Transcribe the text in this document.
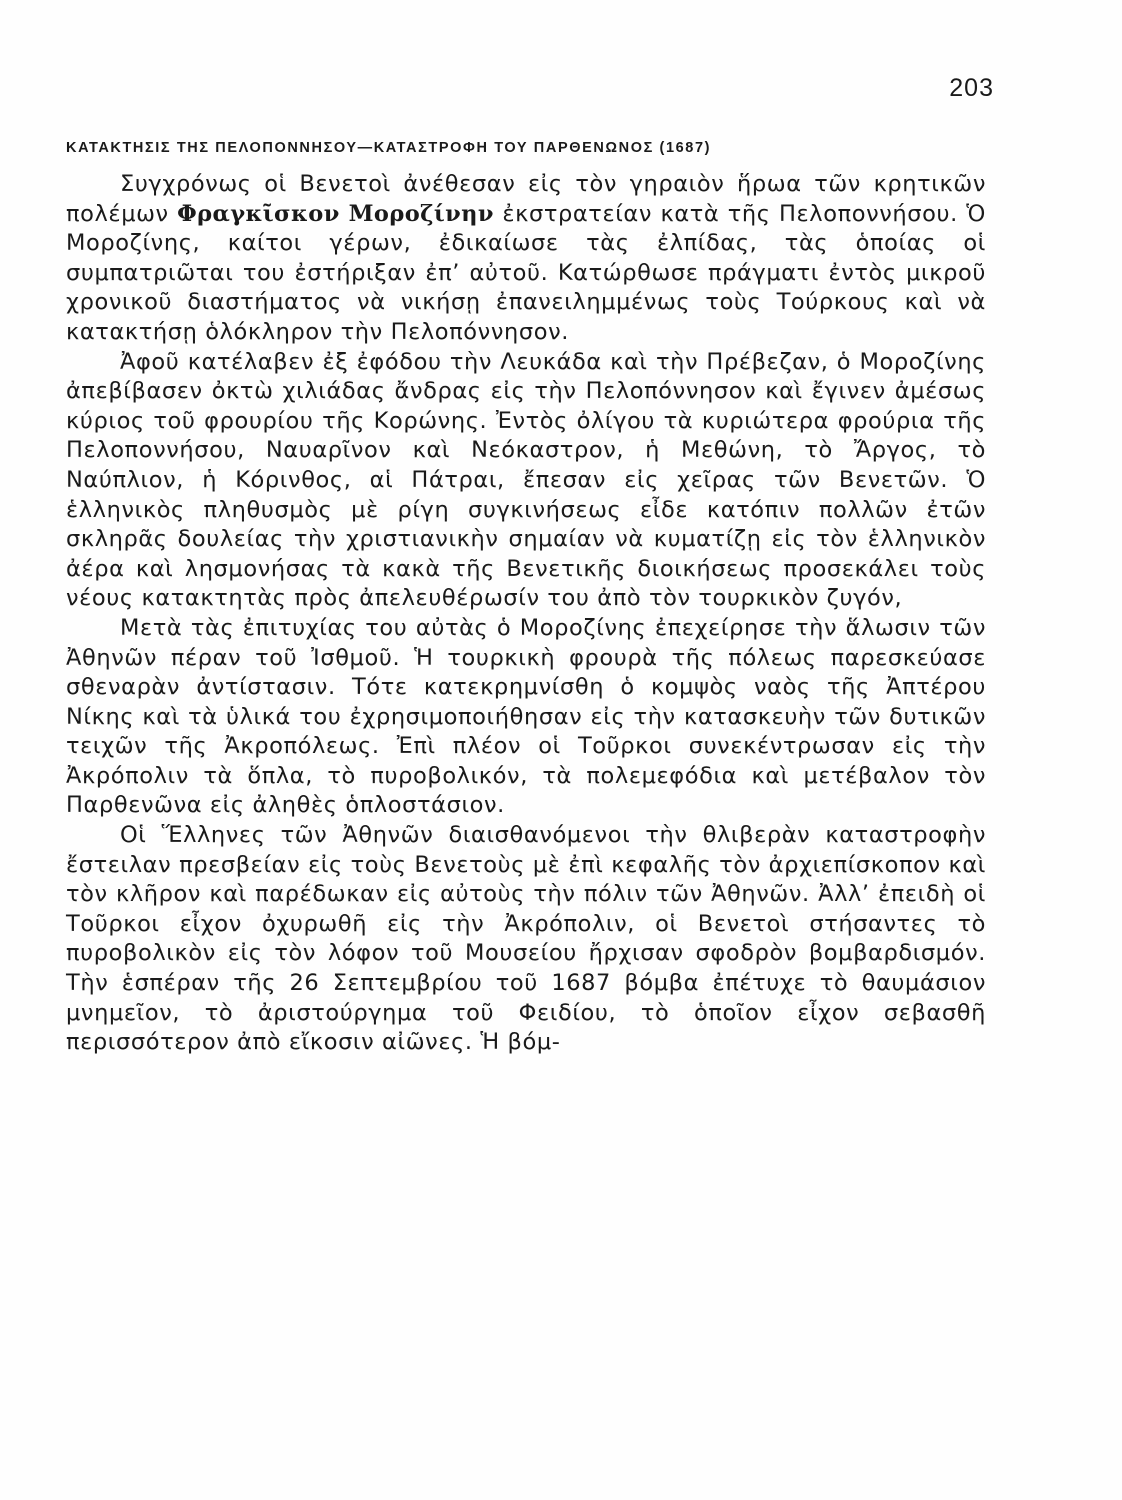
203
ΚΑΤΑΚΤΗΣΙΣ ΤΗΣ ΠΕΛΟΠΟΝΝΗΣΟΥ—ΚΑΤΑΣΤΡΟΦΗ ΤΟΥ ΠΑΡΘΕΝΩΝΟΣ (1687)

Συγχρόνως οἱ Βενετοὶ ἀνέθεσαν εἰς τὸν γηραιὸν ἥρωα τῶν κρητικῶν πολέμων Φραγκῖσκον Μοροζίνην ἐκστρατείαν κατὰ τῆς Πελοποννήσου. Ὁ Μοροζίνης, καίτοι γέρων, ἐδικαίωσε τὰς ἐλπίδας, τὰς ὁποίας οἱ συμπατριῶται του ἐστήριξαν ἐπ’ αὐτοῦ. Κατώρθωσε πράγματι ἐντὸς μικροῦ χρονικοῦ διαστήματος νὰ νικήσῃ ἐπανειλημμένως τοὺς Τούρκους καὶ νὰ κατακτήσῃ ὁλόκληρον τὴν Πελοπόννησον.

Ἀφοῦ κατέλαβεν ἐξ ἐφόδου τὴν Λευκάδα καὶ τὴν Πρέβεζαν, ὁ Μοροζίνης ἀπεβίβασεν ὀκτὼ χιλιάδας ἄνδρας εἰς τὴν Πελοπόννησον καὶ ἔγινεν ἀμέσως κύριος τοῦ φρουρίου τῆς Κορώνης. Ἐντὸς ὀλίγου τὰ κυριώτερα φρούρια τῆς Πελοποννήσου, Ναυαρῖνον καὶ Νεόκαστρον, ἡ Μεθώνη, τὸ Ἄργος, τὸ Ναύπλιον, ἡ Κόρινθος, αἱ Πάτραι, ἔπεσαν εἰς χεῖρας τῶν Βενετῶν. Ὁ ἑλληνικὸς πληθυσμὸς μὲ ρίγη συγκινήσεως εἶδε κατόπιν πολλῶν ἐτῶν σκληρᾶς δουλείας τὴν χριστιανικὴν σημαίαν νὰ κυματίζῃ εἰς τὸν ἑλληνικὸν ἀέρα καὶ λησμονήσας τὰ κακὰ τῆς Βενετικῆς διοικήσεως προσεκάλει τοὺς νέους κατακτητὰς πρὸς ἀπελευθέρωσίν του ἀπὸ τὸν τουρκικὸν ζυγόν,

Μετὰ τὰς ἐπιτυχίας του αὐτὰς ὁ Μοροζίνης ἐπεχείρησε τὴν ἅλωσιν τῶν Ἀθηνῶν πέραν τοῦ Ἰσθμοῦ. Ἡ τουρκικὴ φρουρὰ τῆς πόλεως παρεσκεύασε σθεναρὰν ἀντίστασιν. Τότε κατεκρημνίσθη ὁ κομψὸς ναὸς τῆς Ἀπτέρου Νίκης καὶ τὰ ὑλικά του ἐχρησιμοποιήθησαν εἰς τὴν κατασκευὴν τῶν δυτικῶν τειχῶν τῆς Ἀκροπόλεως. Ἐπὶ πλέον οἱ Τοῦρκοι συνεκέντρωσαν εἰς τὴν Ἀκρόπολιν τὰ ὅπλα, τὸ πυροβολικόν, τὰ πολεμεφόδια καὶ μετέβαλον τὸν Παρθενῶνα εἰς ἀληθὲς ὁπλοστάσιον.

Οἱ Ἕλληνες τῶν Ἀθηνῶν διαισθανόμενοι τὴν θλιβερὰν καταστροφὴν ἔστειλαν πρεσβείαν εἰς τοὺς Βενετοὺς μὲ ἐπὶ κεφαλῆς τὸν ἀρχιεπίσκοπον καὶ τὸν κλῆρον καὶ παρέδωκαν εἰς αὐτοὺς τὴν πόλιν τῶν Ἀθηνῶν. Ἀλλ’ ἐπειδὴ οἱ Τοῦρκοι εἶχον ὀχυρωθῆ εἰς τὴν Ἀκρόπολιν, οἱ Βενετοὶ στήσαντες τὸ πυροβολικὸν εἰς τὸν λόφον τοῦ Μουσείου ἤρχισαν σφοδρὸν βομβαρδισμόν. Τὴν ἑσπέραν τῆς 26 Σεπτεμβρίου τοῦ 1687 βόμβα ἐπέτυχε τὸ θαυμάσιον μνημεῖον, τὸ ἀριστούργημα τοῦ Φειδίου, τὸ ὁποῖον εἶχον σεβασθῆ περισσότερον ἀπὸ εἴκοσιν αἰῶνες. Ἡ βόμ-
